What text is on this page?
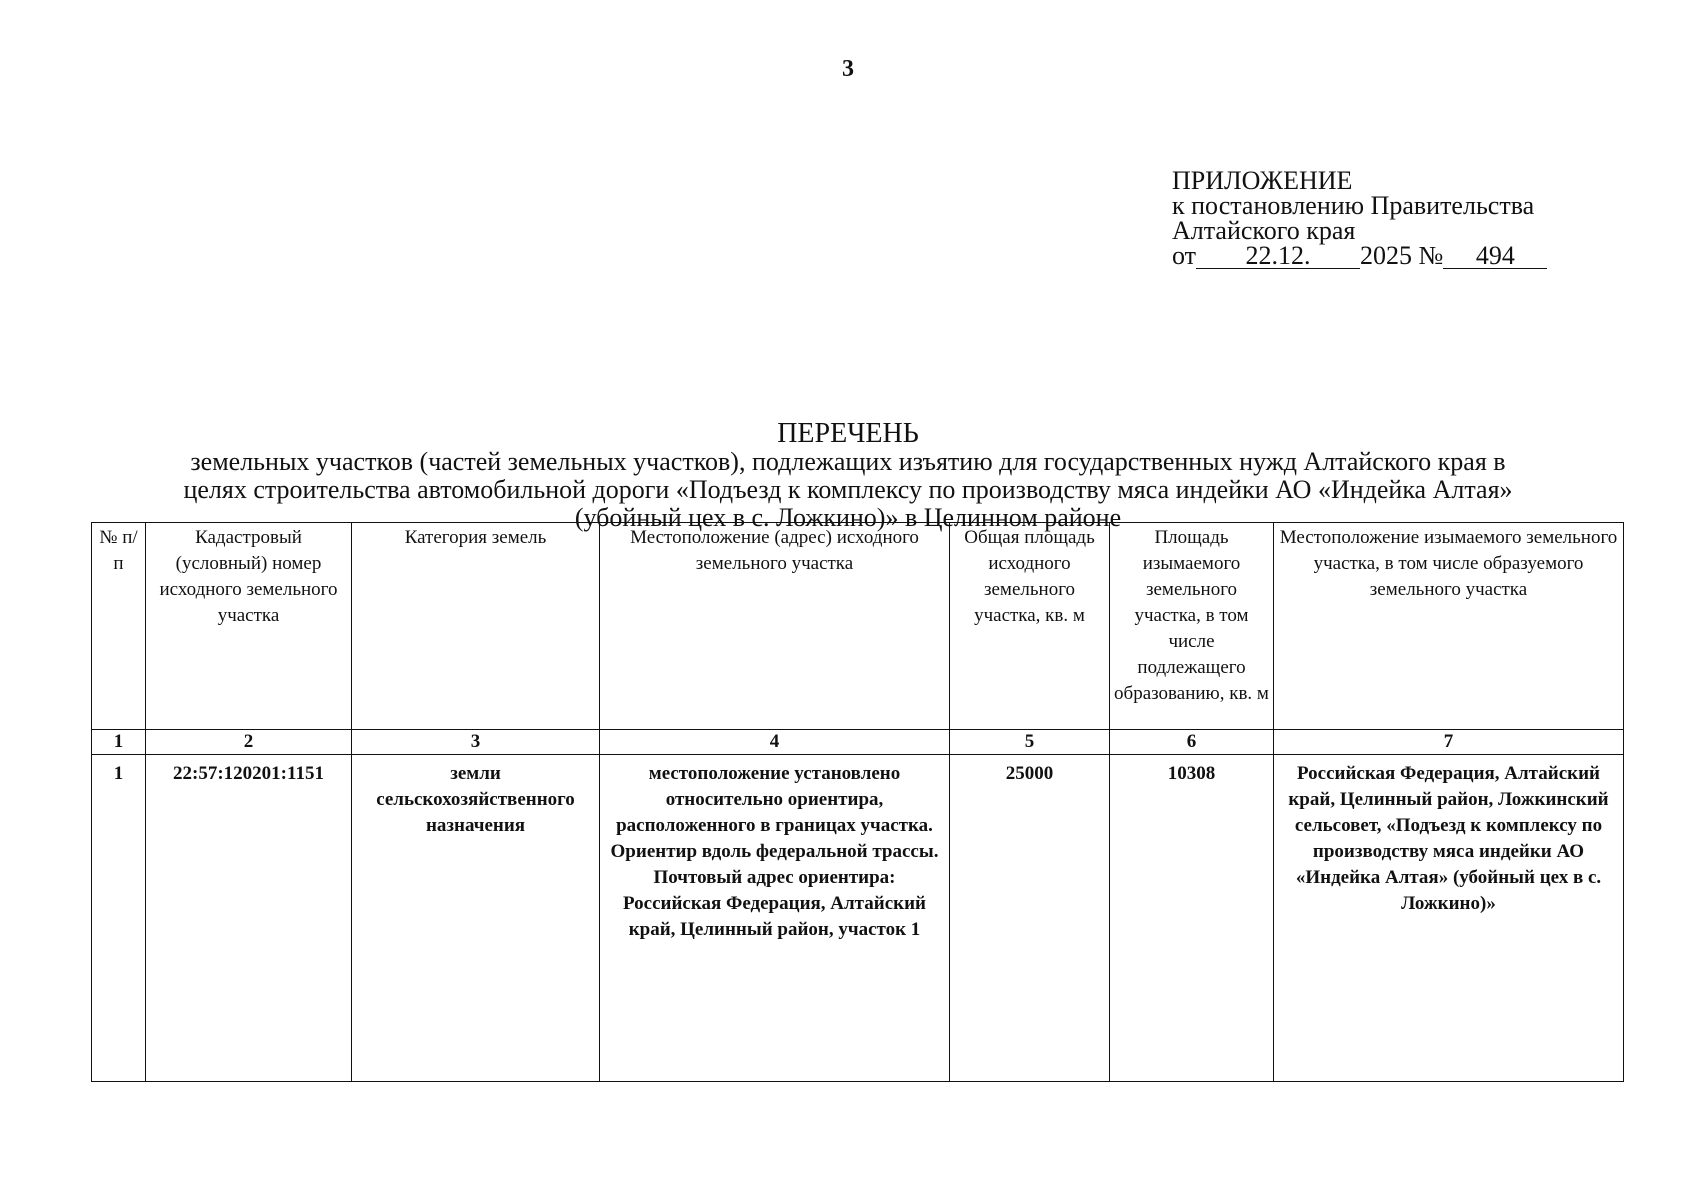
3
ПРИЛОЖЕНИЕ
к постановлению Правительства
Алтайского края
от 22.12. 2025 № 494
ПЕРЕЧЕНЬ
земельных участков (частей земельных участков), подлежащих изъятию для государственных нужд Алтайского края в
целях строительства автомобильной дороги «Подъезд к комплексу по производству мяса индейки АО «Индейка Алтая»
(убойный цех в с. Ложкино)» в Целинном районе
№ п/п	Кадастровый (условный) номер исходного земельного участка	Категория земель	Местоположение (адрес) исходного земельного участка	Общая площадь исходного земельного участка, кв. м	Площадь изымаемого земельного участка, в том числе подлежащего образованию, кв. м	Местоположение изымаемого земельного участка, в том числе образуемого земельного участка
1	2	3	4	5	6	7
1	22:57:120201:1151	земли сельскохозяйственного назначения	местоположение установлено относительно ориентира, расположенного в границах участка. Ориентир вдоль федеральной трассы. Почтовый адрес ориентира: Российская Федерация, Алтайский край, Целинный район, участок 1	25000	10308	Российская Федерация, Алтайский край, Целинный район, Ложкинский сельсовет, «Подъезд к комплексу по производству мяса индейки АО «Индейка Алтая» (убойный цех в с. Ложкино)»
